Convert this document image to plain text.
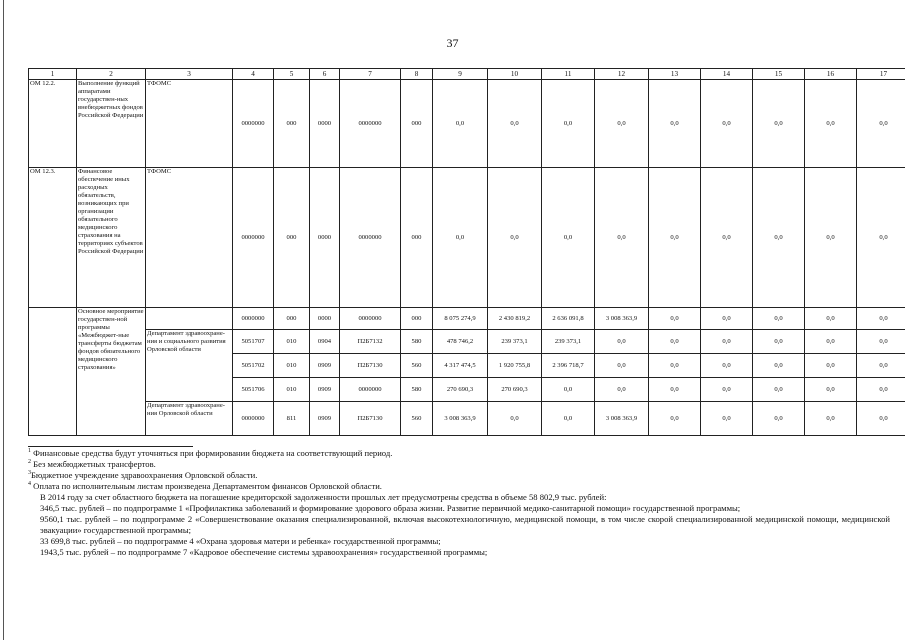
37
1	2	3	4	5	6	7	8	9	10	11	12	13	14	15	16	17
ОМ 12.2.	Выполнение функций аппаратами государствен-ных внебюджетных фондов Российской Федерации	ТФОМС	0000000	000	0000	0000000	000	0,0	0,0	0,0	0,0	0,0	0,0	0,0	0,0	0,0
ОМ 12.3.	Финансовое обеспечение иных расходных обязательств, возникающих при организации обязательного медицинского страхования на территориях субъектов Российской Федерации	ТФОМС	0000000	000	0000	0000000	000	0,0	0,0	0,0	0,0	0,0	0,0	0,0	0,0	0,0
	Основное мероприятие государствен-ной программы «Межбюджет-ные трансферты бюджетам фондов обязательного медицинского страхования»		0000000	000	0000	0000000	000	8 075 274,9	2 430 819,2	2 636 091,8	3 008 363,9	0,0	0,0	0,0	0,0	0,0
		Департамент здравоохране-ния и социального развития Орловской области	5051707	010	0904	П2Б7132	580	478 746,2	239 373,1	239 373,1	0,0	0,0	0,0	0,0	0,0	0,0
			5051702	010	0909	П2Б7130	560	4 317 474,5	1 920 755,8	2 396 718,7	0,0	0,0	0,0	0,0	0,0	0,0
			5051706	010	0909	0000000	580	270 690,3	270 690,3	0,0	0,0	0,0	0,0	0,0	0,0	0,0
		Департамент здравоохране-ния Орловской области	0000000	811	0909	П2Б7130	560	3 008 363,9	0,0	0,0	3 008 363,9	0,0	0,0	0,0	0,0	0,0

$^1$ Финансовые средства будут уточняться при формировании бюджета на соответствующий период.

$^2$ Без межбюджетных трансфертов.

$^3$Бюджетное учреждение здравоохранения Орловской области.

$^4$ Оплата по исполнительным листам произведена Департаментом финансов Орловской области.

В 2014 году за счет областного бюджета на погашение кредиторской задолженности прошлых лет предусмотрены средства в объеме 58 802,9 тыс. рублей:

346,5 тыс. рублей – по подпрограмме 1 «Профилактика заболеваний и формирование здорового образа жизни. Развитие первичной медико-санитарной помощи» государственной программы;

9560,1 тыс. рублей – по подпрограмме 2 «Совершенствование оказания специализированной, включая высокотехнологичную, медицинской помощи, в том числе скорой специализированной медицинской помощи, медицинской эвакуации» государственной программы;

33 699,8 тыс. рублей – по подпрограмме 4 «Охрана здоровья матери и ребенка» государственной программы;

1943,5 тыс. рублей – по подпрограмме 7 «Кадровое обеспечение системы здравоохранения» государственной программы;
